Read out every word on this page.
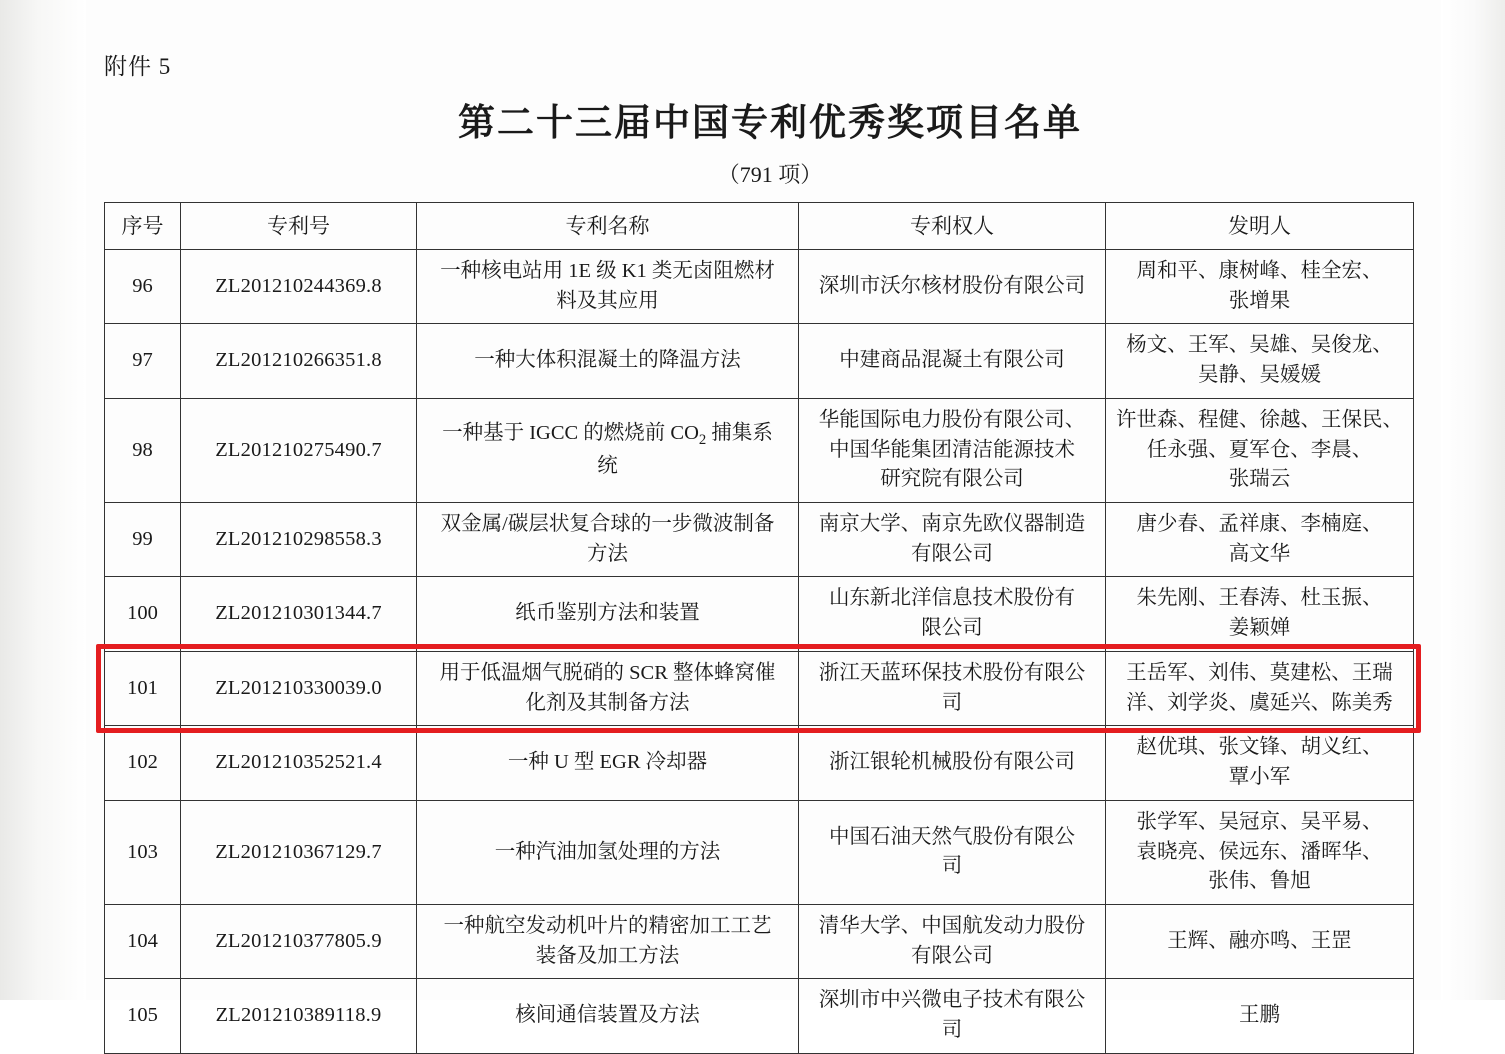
附件 5
第二十三届中国专利优秀奖项目名单
（791 项）
序号	专利号	专利名称	专利权人	发明人
96	ZL201210244369.8	一种核电站用 1E 级 K1 类无卤阻燃材
料及其应用	深圳市沃尔核材股份有限公司	周和平、康树峰、桂全宏、
张增果

97	ZL201210266351.8	一种大体积混凝土的降温方法	中建商品混凝土有限公司	杨文、王军、吴雄、吴俊龙、
吴静、吴媛媛

98	ZL201210275490.7	一种基于 IGCC 的燃烧前 $CO_2$ 捕集系
统	华能国际电力股份有限公司、
中国华能集团清洁能源技术
研究院有限公司	许世森、程健、徐越、王保民、
任永强、夏军仓、李晨、
张瑞云

99	ZL201210298558.3	双金属/碳层状复合球的一步微波制备
方法	南京大学、南京先欧仪器制造
有限公司	唐少春、孟祥康、李楠庭、
高文华

100	ZL201210301344.7	纸币鉴别方法和装置	山东新北洋信息技术股份有
限公司	朱先刚、王春涛、杜玉振、
姜颖婵

101	ZL201210330039.0	用于低温烟气脱硝的 SCR 整体蜂窝催
化剂及其制备方法	浙江天蓝环保技术股份有限公
司	王岳军、刘伟、莫建松、王瑞
洋、刘学炎、虞延兴、陈美秀

102	ZL201210352521.4	一种 U 型 EGR 冷却器	浙江银轮机械股份有限公司	赵优琪、张文锋、胡义红、
覃小军

103	ZL201210367129.7	一种汽油加氢处理的方法	中国石油天然气股份有限公
司	张学军、吴冠京、吴平易、
袁晓亮、侯远东、潘晖华、
张伟、鲁旭

104	ZL201210377805.9	一种航空发动机叶片的精密加工工艺
装备及加工方法	清华大学、中国航发动力股份
有限公司	王辉、融亦鸣、王罡

105	ZL201210389118.9	核间通信装置及方法	深圳市中兴微电子技术有限公
司	王鹏
